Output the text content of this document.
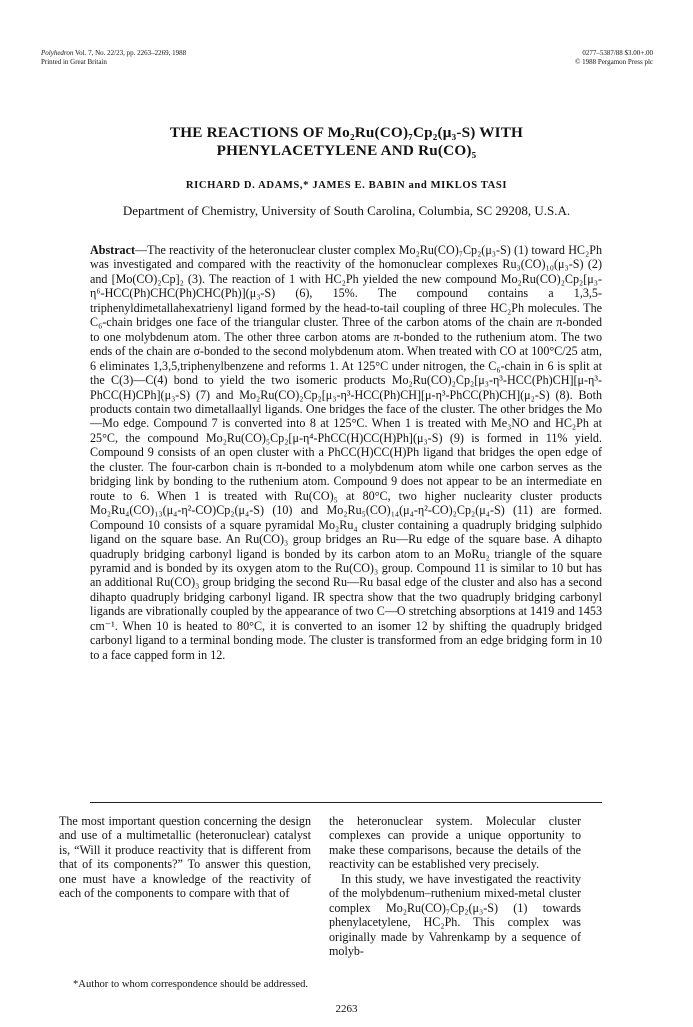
Polyhedron Vol. 7, No. 22/23, pp. 2263–2269, 1988
Printed in Great Britain
0277–5387/88 $3.00+.00
© 1988 Pergamon Press plc
THE REACTIONS OF Mo₂Ru(CO)₇Cp₂(μ₃-S) WITH
PHENYLACETYLENE AND Ru(CO)₅
RICHARD D. ADAMS,* JAMES E. BABIN and MIKLOS TASI
Department of Chemistry, University of South Carolina, Columbia, SC 29208, U.S.A.
Abstract—The reactivity of the heteronuclear cluster complex Mo₂Ru(CO)₇Cp₂(μ₃-S) (1) toward HC₂Ph was investigated and compared with the reactivity of the homonuclear complexes Ru₃(CO)₁₀(μ₃-S) (2) and [Mo(CO)₂Cp]₂ (3). The reaction of 1 with HC₂Ph yielded the new compound Mo₂Ru(CO)₂Cp₂[μ₃-η⁶-HCC(Ph)CHC(Ph)CHC(Ph)](μ₃-S) (6), 15%. The compound contains a 1,3,5-triphenyldimetallahexatrienyl ligand formed by the head-to-tail coupling of three HC₂Ph molecules. The C₆-chain bridges one face of the triangular cluster. Three of the carbon atoms of the chain are π-bonded to one molybdenum atom. The other three carbon atoms are π-bonded to the ruthenium atom. The two ends of the chain are σ-bonded to the second molybdenum atom. When treated with CO at 100°C/25 atm, 6 eliminates 1,3,5,triphenylbenzene and reforms 1. At 125°C under nitrogen, the C₆-chain in 6 is split at the C(3)—C(4) bond to yield the two isomeric products Mo₂Ru(CO)₂Cp₂[μ₃-η³-HCC(Ph)CH][μ-η³-PhCC(H)CPh](μ₃-S) (7) and Mo₂Ru(CO)₂Cp₂[μ₃-η³-HCC(Ph)CH][μ-η³-PhCC(Ph)CH](μ₂-S) (8). Both products contain two dimetallaallyl ligands. One bridges the face of the cluster. The other bridges the Mo—Mo edge. Compound 7 is converted into 8 at 125°C. When 1 is treated with Me₃NO and HC₂Ph at 25°C, the compound Mo₂Ru(CO)₅Cp₂[μ-η⁴-PhCC(H)CC(H)Ph](μ₃-S) (9) is formed in 11% yield. Compound 9 consists of an open cluster with a PhCC(H)CC(H)Ph ligand that bridges the open edge of the cluster. The four-carbon chain is π-bonded to a molybdenum atom while one carbon serves as the bridging link by bonding to the ruthenium atom. Compound 9 does not appear to be an intermediate en route to 6. When 1 is treated with Ru(CO)₅ at 80°C, two higher nuclearity cluster products Mo₂Ru₄(CO)₁₃(μ₄-η²-CO)Cp₂(μ₄-S) (10) and Mo₂Ru₅(CO)₁₄(μ₄-η²-CO)₂Cp₂(μ₄-S) (11) are formed. Compound 10 consists of a square pyramidal Mo₂Ru₄ cluster containing a quadruply bridging sulphido ligand on the square base. An Ru(CO)₃ group bridges an Ru—Ru edge of the square base. A dihapto quadruply bridging carbonyl ligand is bonded by its carbon atom to an MoRu₂ triangle of the square pyramid and is bonded by its oxygen atom to the Ru(CO)₃ group. Compound 11 is similar to 10 but has an additional Ru(CO)₃ group bridging the second Ru—Ru basal edge of the cluster and also has a second dihapto quadruply bridging carbonyl ligand. IR spectra show that the two quadruply bridging carbonyl ligands are vibrationally coupled by the appearance of two C—O stretching absorptions at 1419 and 1453 cm⁻¹. When 10 is heated to 80°C, it is converted to an isomer 12 by shifting the quadruply bridged carbonyl ligand to a terminal bonding mode. The cluster is transformed from an edge bridging form in 10 to a face capped form in 12.
The most important question concerning the design and use of a multimetallic (heteronuclear) catalyst is, “Will it produce reactivity that is different from that of its components?” To answer this question, one must have a knowledge of the reactivity of each of the components to compare with that of
the heteronuclear system. Molecular cluster complexes can provide a unique opportunity to make these comparisons, because the details of the reactivity can be established very precisely.
In this study, we have investigated the reactivity of the molybdenum–ruthenium mixed-metal cluster complex Mo₂Ru(CO)₇Cp₂(μ₃-S) (1) towards phenylacetylene, HC₂Ph. This complex was originally made by Vahrenkamp by a sequence of molyb-
*Author to whom correspondence should be addressed.
2263
